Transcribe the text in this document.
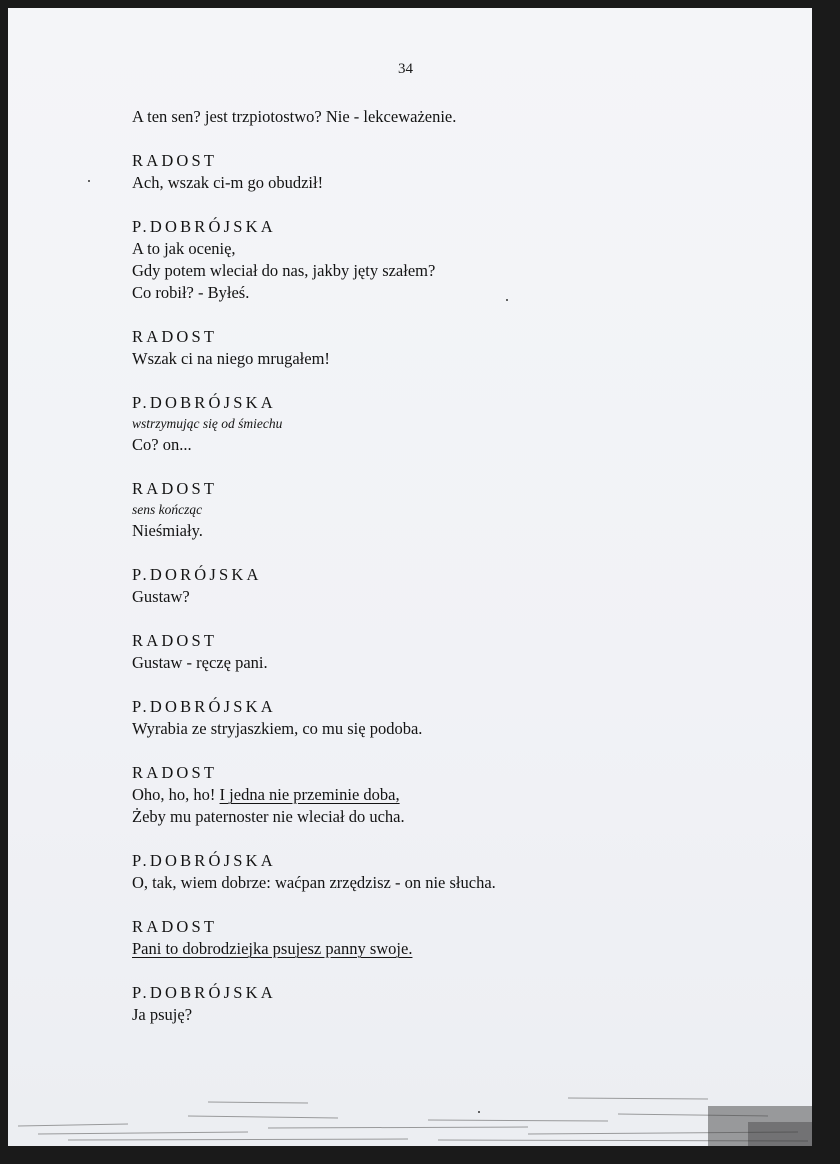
34
A ten sen? jest trzpiotostwo? Nie - lekceważenie.
RADOST
Ach, wszak ci-m go obudził!
P.DOBRÓJSKA
A to jak ocenię,
Gdy potem wleciał do nas, jakby jęty szałem?
Co robił? - Byłeś.
RADOST
Wszak ci na niego mrugałem!
P.DOBRÓJSKA
wstrzymując się od śmiechu
Co? on...
RADOST
sens kończąc
Nieśmiały.
P.DORÓJSKA
Gustaw?
RADOST
Gustaw - ręczę pani.
P.DOBRÓJSKA
Wyrabia ze stryjaszkiem, co mu się podoba.
RADOST
Oho, ho, ho! I jedna nie przeminie doba,
Żeby mu paternoster nie wleciał do ucha.
P.DOBRÓJSKA
O, tak, wiem dobrze: waćpan zrzędzisz - on nie słucha.
RADOST
Pani to dobrodziejka psujesz panny swoje.
P.DOBRÓJSKA
Ja psuję?
